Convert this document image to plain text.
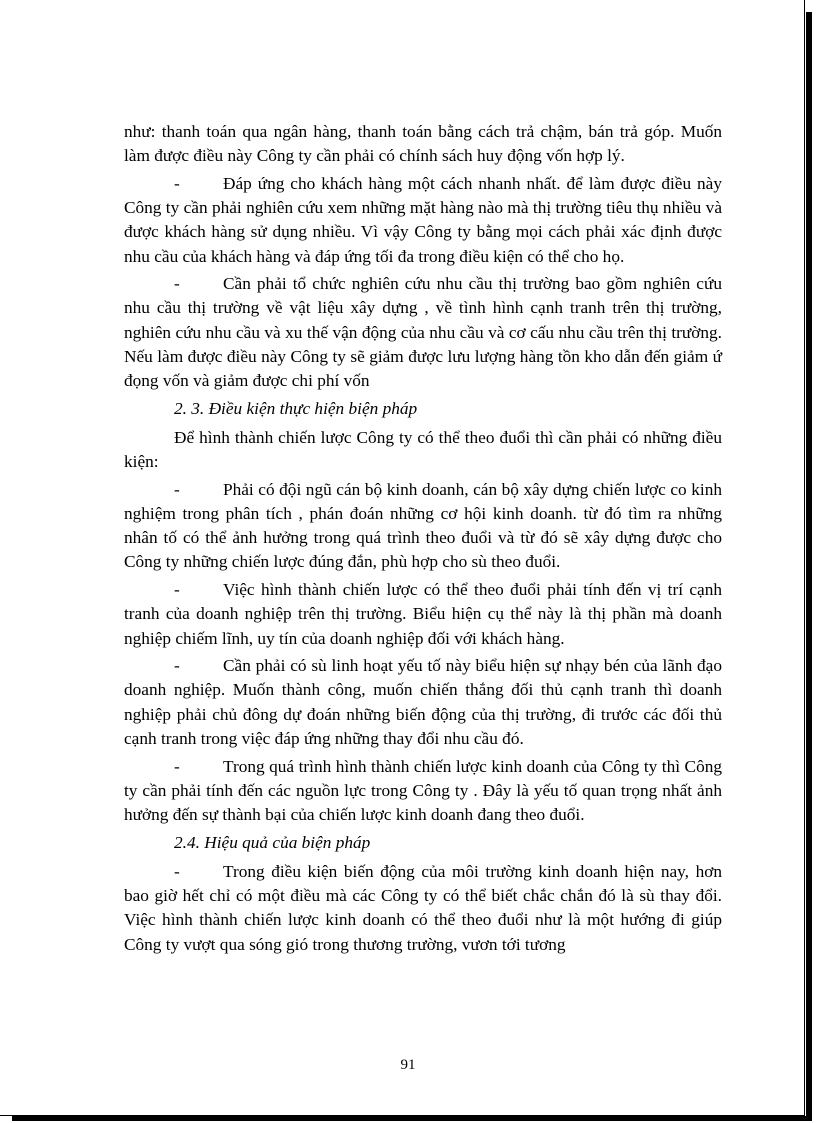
như: thanh toán qua ngân hàng, thanh toán bằng cách trả chậm, bán trả góp. Muốn làm được điều này Công ty cần phải có chính sách huy động vốn hợp lý.

- Đáp ứng cho khách hàng một cách nhanh nhất. để làm được điều này Công ty cần phải nghiên cứu xem những mặt hàng nào mà thị trường tiêu thụ nhiều và được khách hàng sử dụng nhiều. Vì vậy Công ty bằng mọi cách phải xác định được nhu cầu của khách hàng và đáp ứng tối đa trong điều kiện có thể cho họ.

- Cần phải tổ chức nghiên cứu nhu cầu thị trường bao gồm nghiên cứu nhu cầu thị trường về vật liệu xây dựng , về tình hình cạnh tranh trên thị trường, nghiên cứu nhu cầu và xu thế vận động của nhu cầu và cơ cấu nhu cầu trên thị trường. Nếu làm được điều này Công ty sẽ giảm được lưu lượng hàng tồn kho dẫn đến giảm ứ đọng vốn và giảm được chi phí vốn

2. 3. Điều kiện thực hiện biện pháp

Để hình thành chiến lược Công ty có thể theo đuổi thì cần phải có những điều kiện:

- Phải có đội ngũ cán bộ kinh doanh, cán bộ xây dựng chiến lược co kinh nghiệm trong phân tích , phán đoán những cơ hội kinh doanh. từ đó tìm ra những nhân tố có thể ảnh hưởng trong quá trình theo đuổi và từ đó sẽ xây dựng được cho Công ty những chiến lược đúng đắn, phù hợp cho sù theo đuổi.

- Việc hình thành chiến lược có thể theo đuổi phải tính đến vị trí cạnh tranh của doanh nghiệp trên thị trường. Biểu hiện cụ thể này là thị phần mà doanh nghiệp chiếm lĩnh, uy tín của doanh nghiệp đối với khách hàng.

- Cần phải có sù linh hoạt yếu tố này biểu hiện sự nhạy bén của lãnh đạo doanh nghiệp. Muốn thành công, muốn chiến thắng đối thủ cạnh tranh thì doanh nghiệp phải chủ đông dự đoán những biến động của thị trường, đi trước các đối thủ cạnh tranh trong việc đáp ứng những thay đổi nhu cầu đó.

- Trong quá trình hình thành chiến lược kinh doanh của Công ty thì Công ty cần phải tính đến các nguồn lực trong Công ty . Đây là yếu tố quan trọng nhất ảnh hưởng đến sự thành bại của chiến lược kinh doanh đang theo đuổi.

2.4. Hiệu quả của biện pháp

- Trong điều kiện biến động của môi trường kinh doanh hiện nay, hơn bao giờ hết chỉ có một điều mà các Công ty có thể biết chắc chắn đó là sù thay đổi. Việc hình thành chiến lược kinh doanh có thể theo đuổi như là một hướng đi giúp Công ty vượt qua sóng gió trong thương trường, vươn tới tương

91
